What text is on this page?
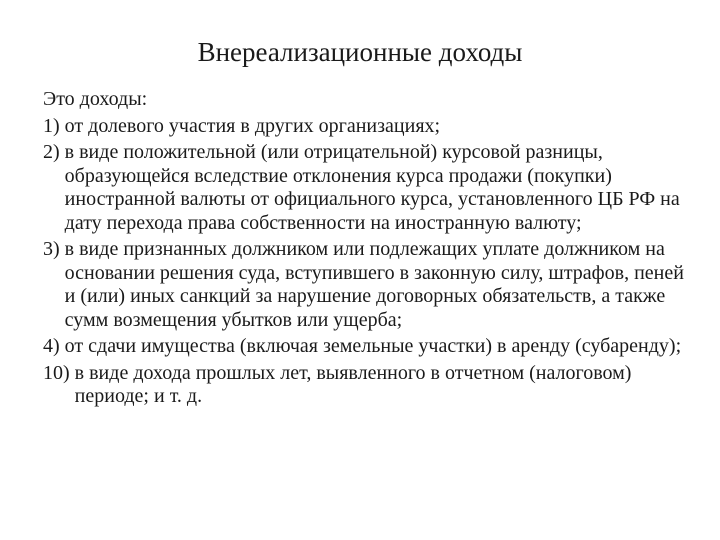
Внереализационные доходы

Это доходы:

1) от долевого участия в других организациях;
2) в виде положительной (или отрицательной) курсовой разницы, образующейся вследствие отклонения курса продажи (покупки) иностранной валюты от официального курса, установленного ЦБ РФ на дату перехода права собственности на иностранную валюту;
3) в виде признанных должником или подлежащих уплате должником на основании решения суда, вступившего в законную силу, штрафов, пеней и (или) иных санкций за нарушение договорных обязательств, а также сумм возмещения убытков или ущерба;
4) от сдачи имущества (включая земельные участки) в аренду (субаренду);
10) в виде дохода прошлых лет, выявленного в отчетном (налоговом) периоде; и т. д.
